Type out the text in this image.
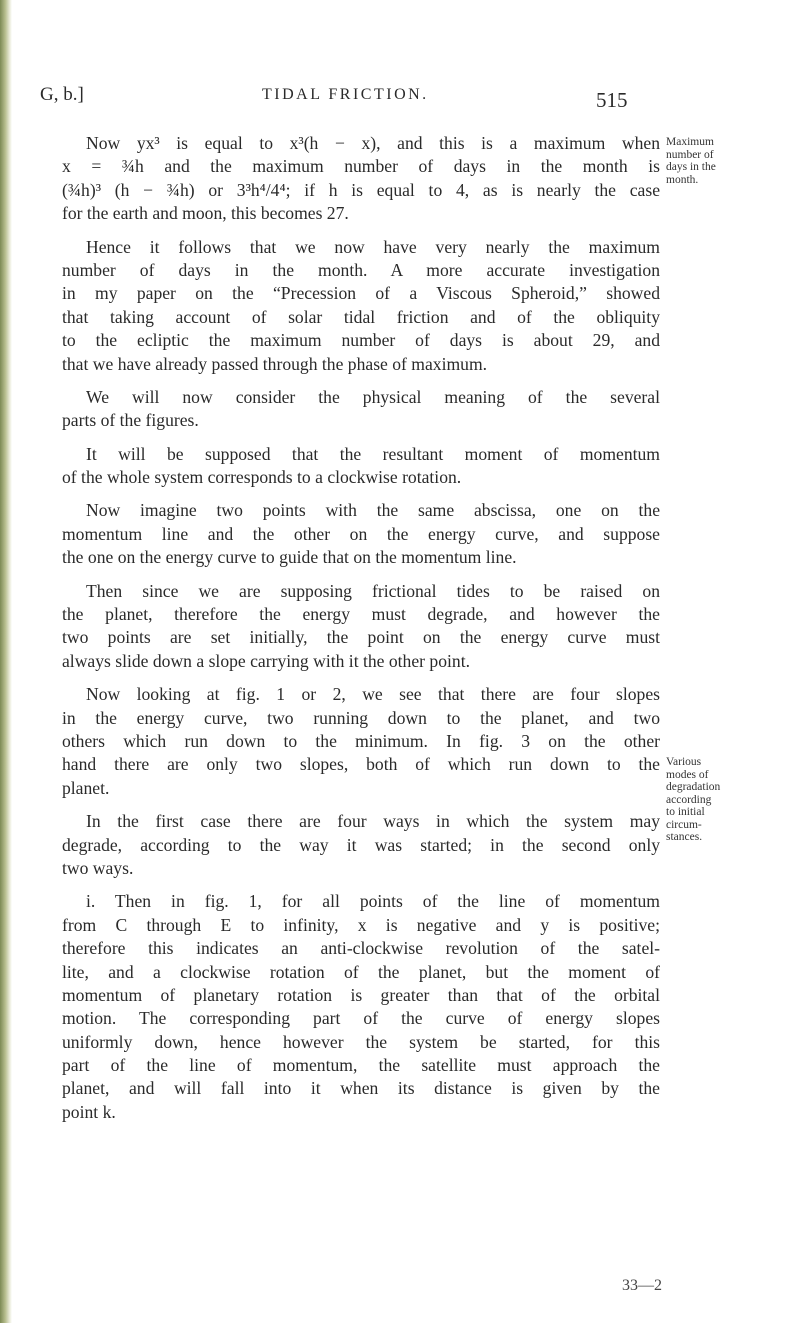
G, b.]	TIDAL FRICTION.	515
Now yx³ is equal to x³(h − x), and this is a maximum when
x = ¾h and the maximum number of days in the month is
(¾h)³ (h − ¾h) or 3³h⁴/4⁴; if h is equal to 4, as is nearly the case
for the earth and moon, this becomes 27.
Hence it follows that we now have very nearly the maximum
number of days in the month. A more accurate investigation
in my paper on the “Precession of a Viscous Spheroid,” showed
that taking account of solar tidal friction and of the obliquity
to the ecliptic the maximum number of days is about 29, and
that we have already passed through the phase of maximum.
We will now consider the physical meaning of the several
parts of the figures.
It will be supposed that the resultant moment of momentum
of the whole system corresponds to a clockwise rotation.
Now imagine two points with the same abscissa, one on the
momentum line and the other on the energy curve, and suppose
the one on the energy curve to guide that on the momentum line.
Then since we are supposing frictional tides to be raised on
the planet, therefore the energy must degrade, and however the
two points are set initially, the point on the energy curve must
always slide down a slope carrying with it the other point.
Now looking at fig. 1 or 2, we see that there are four slopes
in the energy curve, two running down to the planet, and two
others which run down to the minimum. In fig. 3 on the other
hand there are only two slopes, both of which run down to the
planet.
In the first case there are four ways in which the system may
degrade, according to the way it was started; in the second only
two ways.
i. Then in fig. 1, for all points of the line of momentum
from C through E to infinity, x is negative and y is positive;
therefore this indicates an anti-clockwise revolution of the satel-
lite, and a clockwise rotation of the planet, but the moment of
momentum of planetary rotation is greater than that of the orbital
motion. The corresponding part of the curve of energy slopes
uniformly down, hence however the system be started, for this
part of the line of momentum, the satellite must approach the
planet, and will fall into it when its distance is given by the
point k.
Maximum
number of
days in the
month.
Various
modes of
degradation
according
to initial
circum-
stances.
33—2
